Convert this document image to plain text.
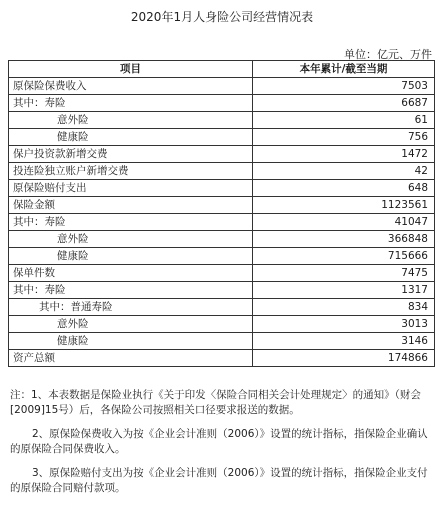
2020年1月人身险公司经营情况表
单位：亿元、万件
项目	本年累计/截至当期
原保险保费收入	7503
其中：寿险	6687
意外险	61
健康险	756
保户投资款新增交费	1472
投连险独立账户新增交费	42
原保险赔付支出	648
保险金额	1123561
其中：寿险	41047
意外险	366848
健康险	715666
保单件数	7475
其中：寿险	1317
其中：普通寿险	834
意外险	3013
健康险	3146
资产总额	174866

注：1、本表数据是保险业执行《关于印发〈保险合同相关会计处理规定〉的通知》（财会[2009]15号）后，各保险公司按照相关口径要求报送的数据。

2、原保险保费收入为按《企业会计准则（2006）》设置的统计指标，指保险企业确认的原保险合同保费收入。

3、原保险赔付支出为按《企业会计准则（2006）》设置的统计指标，指保险企业支付的原保险合同赔付款项。
